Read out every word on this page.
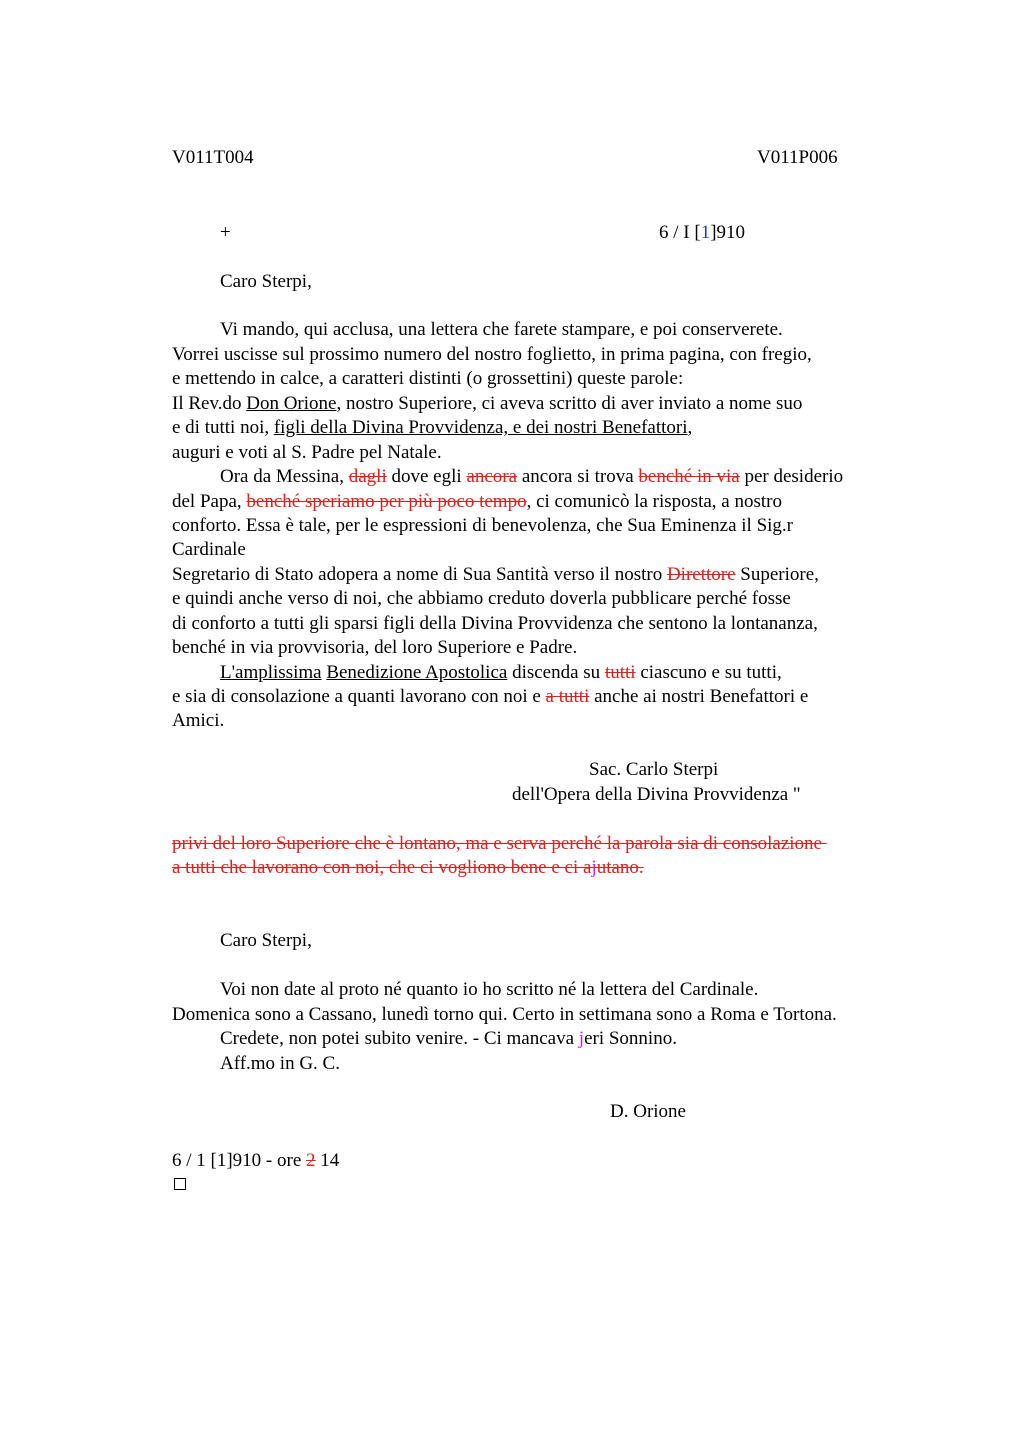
V011T004	V011P006
+	6 / I [1]910
Caro Sterpi,
Vi mando, qui acclusa, una lettera che farete stampare, e poi conserverete.
Vorrei uscisse sul prossimo numero del nostro foglietto, in prima pagina, con fregio,
e mettendo in calce, a caratteri distinti (o grossettini) queste parole:
Il Rev.do Don Orione, nostro Superiore, ci aveva scritto di aver inviato a nome suo
e di tutti noi, figli della Divina Provvidenza, e dei nostri Benefattori,
auguri e voti al S. Padre pel Natale.
Ora da Messina, dagli dove egli ancora ancora si trova benché in via per desiderio
del Papa, benché speriamo per più poco tempo, ci comunicò la risposta, a nostro
conforto. Essa è tale, per le espressioni di benevolenza, che Sua Eminenza il Sig.r
Cardinale
Segretario di Stato adopera a nome di Sua Santità verso il nostro Direttore Superiore,
e quindi anche verso di noi, che abbiamo creduto doverla pubblicare perché fosse
di conforto a tutti gli sparsi figli della Divina Provvidenza che sentono la lontananza,
benché in via provvisoria, del loro Superiore e Padre.
L'amplissima Benedizione Apostolica discenda su tutti ciascuno e su tutti,
e sia di consolazione a quanti lavorano con noi e a tutti anche ai nostri Benefattori e
Amici.
Sac. Carlo Sterpi
dell'Opera della Divina Provvidenza "
privi del loro Superiore che è lontano, ma e serva perché la parola sia di consolazione
a tutti che lavorano con noi, che ci vogliono bene e ci ajutano.
Caro Sterpi,
Voi non date al proto né quanto io ho scritto né la lettera del Cardinale.
Domenica sono a Cassano, lunedì torno qui. Certo in settimana sono a Roma e Tortona.
Credete, non potei subito venire. - Ci mancava jeri Sonnino.
Aff.mo in G. C.
D. Orione
6 / 1 [1]910 - ore 2 14
